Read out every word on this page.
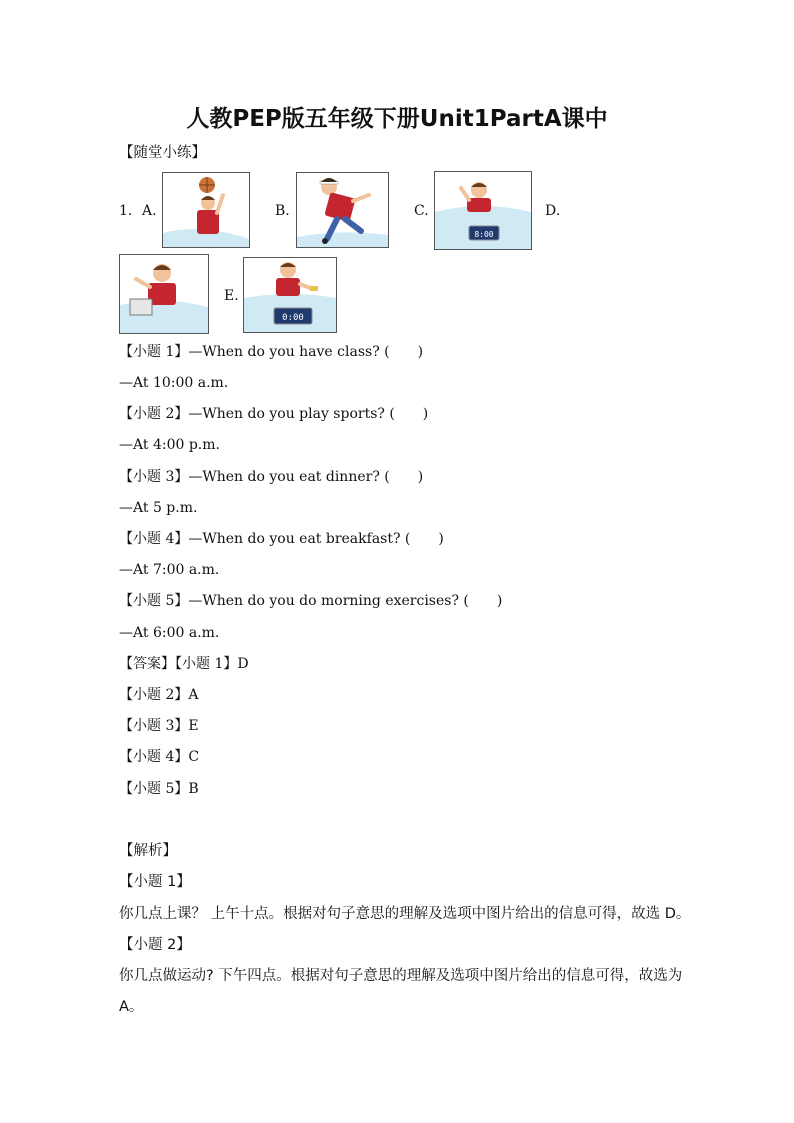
人教PEP版五年级下册Unit1PartA课中
【随堂小练】
1． A.	B.	C.
8:00
D.
E.
0:00
【小题 1】—When do you have class? (　　)
—At 10:00 a.m.
【小题 2】—When do you play sports? (　　)
—At 4:00 p.m.
【小题 3】—When do you eat dinner? (　　)
—At 5 p.m.
【小题 4】—When do you eat breakfast? (　　)
—At 7:00 a.m.
【小题 5】—When do you do morning exercises? (　　)
—At 6:00 a.m.
【答案】【小题 1】D
【小题 2】A
【小题 3】E
【小题 4】C
【小题 5】B
【解析】
【小题 1】
你几点上课？ 上午十点。根据对句子意思的理解及选项中图片给出的信息可得，故选 D。
【小题 2】
你几点做运动? 下午四点。根据对句子意思的理解及选项中图片给出的信息可得，故选为
A。
